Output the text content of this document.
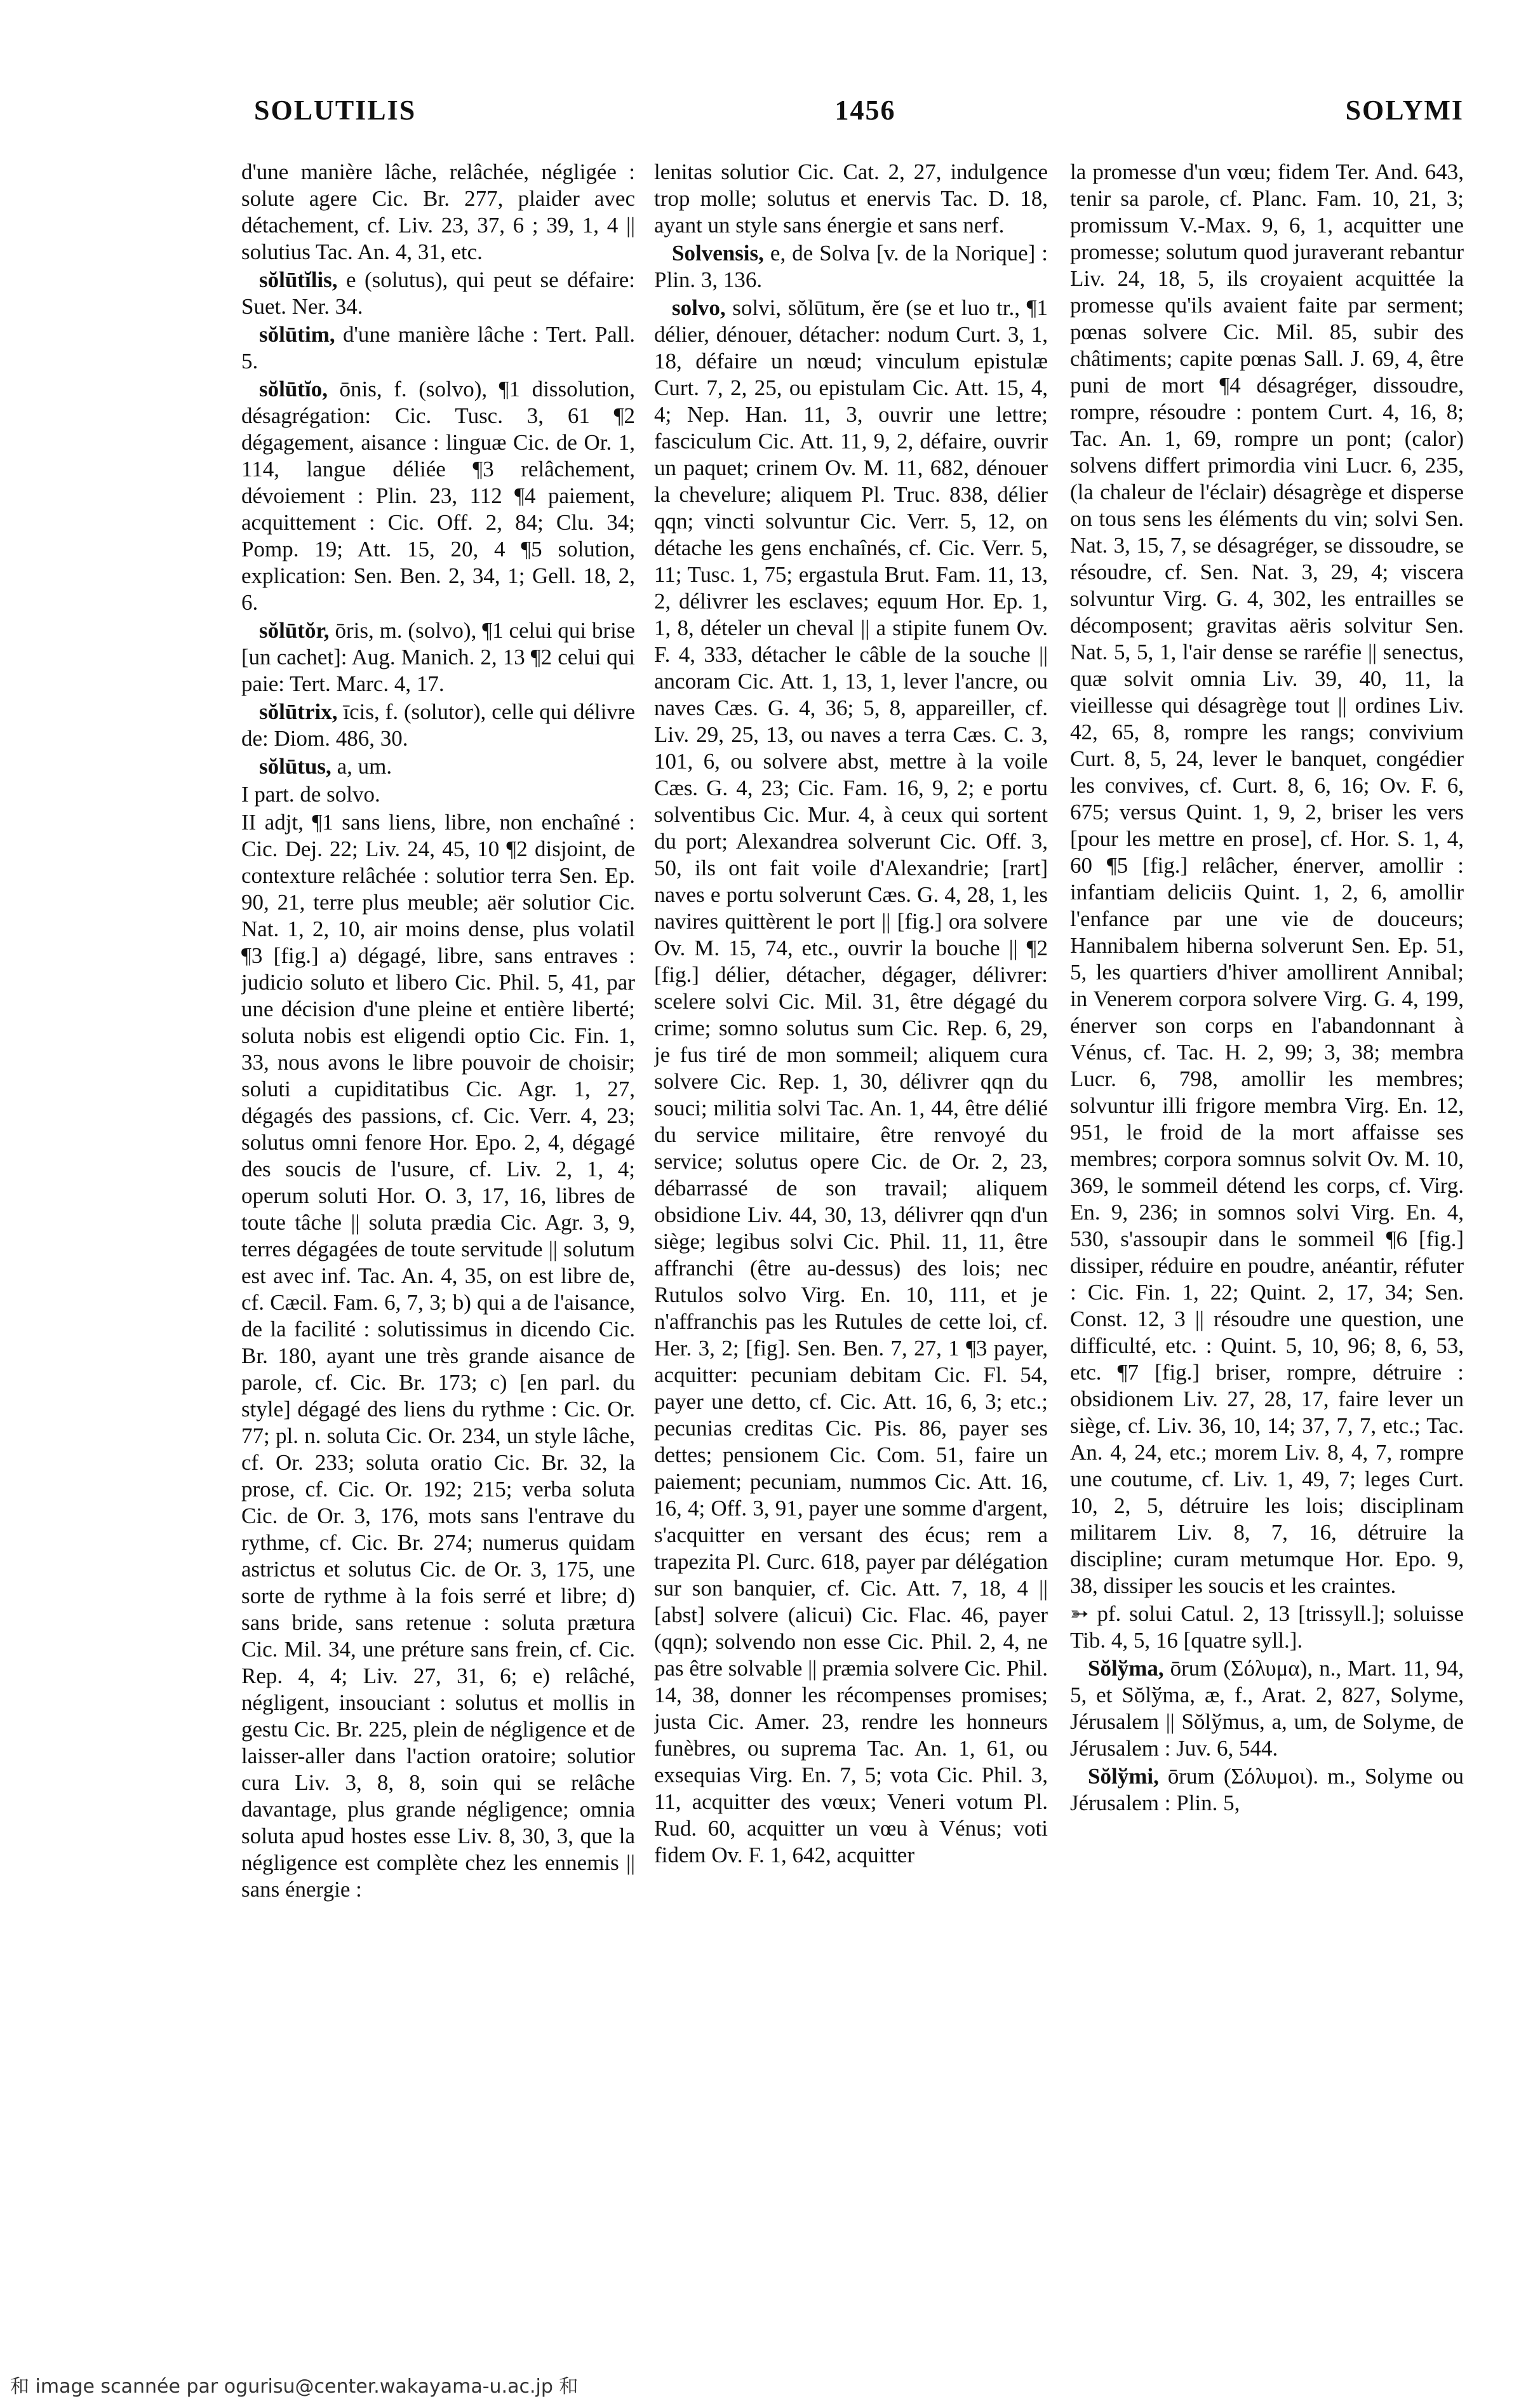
SOLUTILIS	1456	SOLYMI

d'une manière lâche, relâchée, négligée : solute agere Cic. Br. 277, plaider avec détachement, cf. Liv. 23, 37, 6 ; 39, 1, 4 || solutius Tac. An. 4, 31, etc.

sŏlūtĭlis, e (solutus), qui peut se défaire: Suet. Ner. 34.

sŏlūtim, d'une manière lâche : Tert. Pall. 5.

sŏlūtĭo, ōnis, f. (solvo), ¶1 dissolution, désagrégation: Cic. Tusc. 3, 61 ¶2 dégagement, aisance : linguæ Cic. de Or. 1, 114, langue déliée ¶3 relâchement, dévoiement : Plin. 23, 112 ¶4 paiement, acquittement : Cic. Off. 2, 84; Clu. 34; Pomp. 19; Att. 15, 20, 4 ¶5 solution, explication: Sen. Ben. 2, 34, 1; Gell. 18, 2, 6.

sŏlūtŏr, ōris, m. (solvo), ¶1 celui qui brise [un cachet]: Aug. Manich. 2, 13 ¶2 celui qui paie: Tert. Marc. 4, 17.

sŏlūtrix, īcis, f. (solutor), celle qui délivre de: Diom. 486, 30.

sŏlūtus, a, um.

I part. de solvo.

II adjt, ¶1 sans liens, libre, non enchaîné : Cic. Dej. 22; Liv. 24, 45, 10 ¶2 disjoint, de contexture relâchée : solutior terra Sen. Ep. 90, 21, terre plus meuble; aër solutior Cic. Nat. 1, 2, 10, air moins dense, plus volatil ¶3 [fig.] a) dégagé, libre, sans entraves : judicio soluto et libero Cic. Phil. 5, 41, par une décision d'une pleine et entière liberté; soluta nobis est eligendi optio Cic. Fin. 1, 33, nous avons le libre pouvoir de choisir; soluti a cupiditatibus Cic. Agr. 1, 27, dégagés des passions, cf. Cic. Verr. 4, 23; solutus omni fenore Hor. Epo. 2, 4, dégagé des soucis de l'usure, cf. Liv. 2, 1, 4; operum soluti Hor. O. 3, 17, 16, libres de toute tâche || soluta prædia Cic. Agr. 3, 9, terres dégagées de toute servitude || solutum est avec inf. Tac. An. 4, 35, on est libre de, cf. Cæcil. Fam. 6, 7, 3; b) qui a de l'aisance, de la facilité : solutissimus in dicendo Cic. Br. 180, ayant une très grande aisance de parole, cf. Cic. Br. 173; c) [en parl. du style] dégagé des liens du rythme : Cic. Or. 77; pl. n. soluta Cic. Or. 234, un style lâche, cf. Or. 233; soluta oratio Cic. Br. 32, la prose, cf. Cic. Or. 192; 215; verba soluta Cic. de Or. 3, 176, mots sans l'entrave du rythme, cf. Cic. Br. 274; numerus quidam astrictus et solutus Cic. de Or. 3, 175, une sorte de rythme à la fois serré et libre; d) sans bride, sans retenue : soluta prætura Cic. Mil. 34, une préture sans frein, cf. Cic. Rep. 4, 4; Liv. 27, 31, 6; e) relâché, négligent, insouciant : solutus et mollis in gestu Cic. Br. 225, plein de négligence et de laisser-aller dans l'action oratoire; solutior cura Liv. 3, 8, 8, soin qui se relâche davantage, plus grande négligence; omnia soluta apud hostes esse Liv. 8, 30, 3, que la négligence est complète chez les ennemis || sans énergie :

lenitas solutior Cic. Cat. 2, 27, indulgence trop molle; solutus et enervis Tac. D. 18, ayant un style sans énergie et sans nerf.

Solvensis, e, de Solva [v. de la Norique] : Plin. 3, 136.

solvo, solvi, sŏlūtum, ĕre (se et luo tr., ¶1 délier, dénouer, détacher: nodum Curt. 3, 1, 18, défaire un nœud; vinculum epistulæ Curt. 7, 2, 25, ou epistulam Cic. Att. 15, 4, 4; Nep. Han. 11, 3, ouvrir une lettre; fasciculum Cic. Att. 11, 9, 2, défaire, ouvrir un paquet; crinem Ov. M. 11, 682, dénouer la chevelure; aliquem Pl. Truc. 838, délier qqn; vincti solvuntur Cic. Verr. 5, 12, on détache les gens enchaînés, cf. Cic. Verr. 5, 11; Tusc. 1, 75; ergastula Brut. Fam. 11, 13, 2, délivrer les esclaves; equum Hor. Ep. 1, 1, 8, dételer un cheval || a stipite funem Ov. F. 4, 333, détacher le câble de la souche || ancoram Cic. Att. 1, 13, 1, lever l'ancre, ou naves Cæs. G. 4, 36; 5, 8, appareiller, cf. Liv. 29, 25, 13, ou naves a terra Cæs. C. 3, 101, 6, ou solvere abst, mettre à la voile Cæs. G. 4, 23; Cic. Fam. 16, 9, 2; e portu solventibus Cic. Mur. 4, à ceux qui sortent du port; Alexandrea solverunt Cic. Off. 3, 50, ils ont fait voile d'Alexandrie; [rart] naves e portu solverunt Cæs. G. 4, 28, 1, les navires quittèrent le port || [fig.] ora solvere Ov. M. 15, 74, etc., ouvrir la bouche || ¶2 [fig.] délier, détacher, dégager, délivrer: scelere solvi Cic. Mil. 31, être dégagé du crime; somno solutus sum Cic. Rep. 6, 29, je fus tiré de mon sommeil; aliquem cura solvere Cic. Rep. 1, 30, délivrer qqn du souci; militia solvi Tac. An. 1, 44, être délié du service militaire, être renvoyé du service; solutus opere Cic. de Or. 2, 23, débarrassé de son travail; aliquem obsidione Liv. 44, 30, 13, délivrer qqn d'un siège; legibus solvi Cic. Phil. 11, 11, être affranchi (être au-dessus) des lois; nec Rutulos solvo Virg. En. 10, 111, et je n'affranchis pas les Rutules de cette loi, cf. Her. 3, 2; [fig]. Sen. Ben. 7, 27, 1 ¶3 payer, acquitter: pecuniam debitam Cic. Fl. 54, payer une detto, cf. Cic. Att. 16, 6, 3; etc.; pecunias creditas Cic. Pis. 86, payer ses dettes; pensionem Cic. Com. 51, faire un paiement; pecuniam, nummos Cic. Att. 16, 16, 4; Off. 3, 91, payer une somme d'argent, s'acquitter en versant des écus; rem a trapezita Pl. Curc. 618, payer par délégation sur son banquier, cf. Cic. Att. 7, 18, 4 || [abst] solvere (alicui) Cic. Flac. 46, payer (qqn); solvendo non esse Cic. Phil. 2, 4, ne pas être solvable || præmia solvere Cic. Phil. 14, 38, donner les récompenses promises; justa Cic. Amer. 23, rendre les honneurs funèbres, ou suprema Tac. An. 1, 61, ou exsequias Virg. En. 7, 5; vota Cic. Phil. 3, 11, acquitter des vœux; Veneri votum Pl. Rud. 60, acquitter un vœu à Vénus; voti fidem Ov. F. 1, 642, acquitter

la promesse d'un vœu; fidem Ter. And. 643, tenir sa parole, cf. Planc. Fam. 10, 21, 3; promissum V.-Max. 9, 6, 1, acquitter une promesse; solutum quod juraverant rebantur Liv. 24, 18, 5, ils croyaient acquittée la promesse qu'ils avaient faite par serment; pœnas solvere Cic. Mil. 85, subir des châtiments; capite pœnas Sall. J. 69, 4, être puni de mort ¶4 désagréger, dissoudre, rompre, résoudre : pontem Curt. 4, 16, 8; Tac. An. 1, 69, rompre un pont; (calor) solvens differt primordia vini Lucr. 6, 235, (la chaleur de l'éclair) désagrège et disperse on tous sens les éléments du vin; solvi Sen. Nat. 3, 15, 7, se désagréger, se dissoudre, se résoudre, cf. Sen. Nat. 3, 29, 4; viscera solvuntur Virg. G. 4, 302, les entrailles se décomposent; gravitas aëris solvitur Sen. Nat. 5, 5, 1, l'air dense se raréfie || senectus, quæ solvit omnia Liv. 39, 40, 11, la vieillesse qui désagrège tout || ordines Liv. 42, 65, 8, rompre les rangs; convivium Curt. 8, 5, 24, lever le banquet, congédier les convives, cf. Curt. 8, 6, 16; Ov. F. 6, 675; versus Quint. 1, 9, 2, briser les vers [pour les mettre en prose], cf. Hor. S. 1, 4, 60 ¶5 [fig.] relâcher, énerver, amollir : infantiam deliciis Quint. 1, 2, 6, amollir l'enfance par une vie de douceurs; Hannibalem hiberna solverunt Sen. Ep. 51, 5, les quartiers d'hiver amollirent Annibal; in Venerem corpora solvere Virg. G. 4, 199, énerver son corps en l'abandonnant à Vénus, cf. Tac. H. 2, 99; 3, 38; membra Lucr. 6, 798, amollir les membres; solvuntur illi frigore membra Virg. En. 12, 951, le froid de la mort affaisse ses membres; corpora somnus solvit Ov. M. 10, 369, le sommeil détend les corps, cf. Virg. En. 9, 236; in somnos solvi Virg. En. 4, 530, s'assoupir dans le sommeil ¶6 [fig.] dissiper, réduire en poudre, anéantir, réfuter : Cic. Fin. 1, 22; Quint. 2, 17, 34; Sen. Const. 12, 3 || résoudre une question, une difficulté, etc. : Quint. 5, 10, 96; 8, 6, 53, etc. ¶7 [fig.] briser, rompre, détruire : obsidionem Liv. 27, 28, 17, faire lever un siège, cf. Liv. 36, 10, 14; 37, 7, 7, etc.; Tac. An. 4, 24, etc.; morem Liv. 8, 4, 7, rompre une coutume, cf. Liv. 1, 49, 7; leges Curt. 10, 2, 5, détruire les lois; disciplinam militarem Liv. 8, 7, 16, détruire la discipline; curam metumque Hor. Epo. 9, 38, dissiper les soucis et les craintes.

➳ pf. solui Catul. 2, 13 [trissyll.]; soluisse Tib. 4, 5, 16 [quatre syll.].

Sŏlўma, ōrum (Σόλυμα), n., Mart. 11, 94, 5, et Sŏlўma, æ, f., Arat. 2, 827, Solyme, Jérusalem || Sŏlўmus, a, um, de Solyme, de Jérusalem : Juv. 6, 544.

Sŏlўmi, ōrum (Σόλυμοι). m., Solyme ou Jérusalem : Plin. 5,

和 image scannée par ogurisu@center.wakayama-u.ac.jp 和
